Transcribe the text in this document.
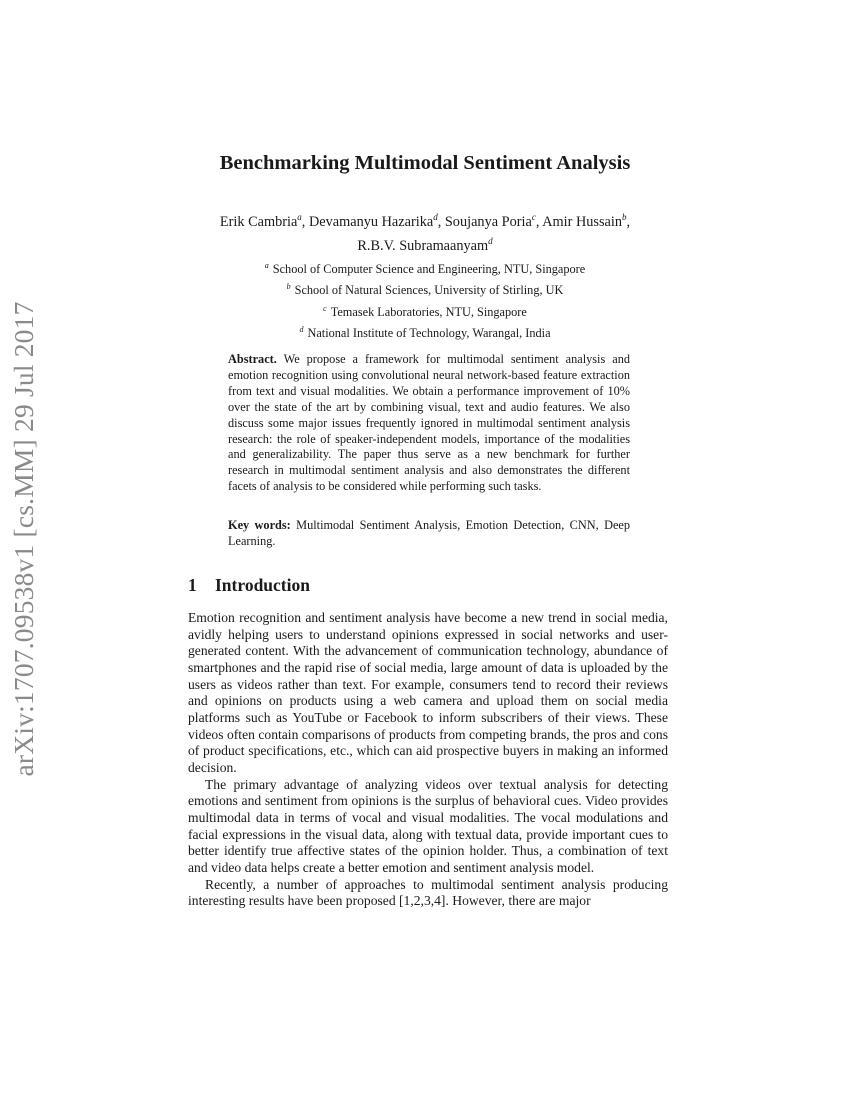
arXiv:1707.09538v1 [cs.MM] 29 Jul 2017
Benchmarking Multimodal Sentiment Analysis
Erik Cambria$^a$, Devamanyu Hazarika$^d$, Soujanya Poria$^c$, Amir Hussain$^b$,
R.B.V. Subramaanyam$^d$
$^a$ School of Computer Science and Engineering, NTU, Singapore
$^b$ School of Natural Sciences, University of Stirling, UK
$^c$ Temasek Laboratories, NTU, Singapore
$^d$ National Institute of Technology, Warangal, India

Abstract. We propose a framework for multimodal sentiment analysis and emotion recognition using convolutional neural network-based feature extraction from text and visual modalities. We obtain a performance improvement of 10% over the state of the art by combining visual, text and audio features. We also discuss some major issues frequently ignored in multimodal sentiment analysis research: the role of speaker-independent models, importance of the modalities and generalizability. The paper thus serve as a new benchmark for further research in multimodal sentiment analysis and also demonstrates the different facets of analysis to be considered while performing such tasks.

Key words: Multimodal Sentiment Analysis, Emotion Detection, CNN, Deep Learning.

1 Introduction

Emotion recognition and sentiment analysis have become a new trend in social media, avidly helping users to understand opinions expressed in social networks and user-generated content. With the advancement of communication technology, abundance of smartphones and the rapid rise of social media, large amount of data is uploaded by the users as videos rather than text. For example, consumers tend to record their reviews and opinions on products using a web camera and upload them on social media platforms such as YouTube or Facebook to inform subscribers of their views. These videos often contain comparisons of products from competing brands, the pros and cons of product specifications, etc., which can aid prospective buyers in making an informed decision.

The primary advantage of analyzing videos over textual analysis for detecting emotions and sentiment from opinions is the surplus of behavioral cues. Video provides multimodal data in terms of vocal and visual modalities. The vocal modulations and facial expressions in the visual data, along with textual data, provide important cues to better identify true affective states of the opinion holder. Thus, a combination of text and video data helps create a better emotion and sentiment analysis model.

Recently, a number of approaches to multimodal sentiment analysis producing interesting results have been proposed [1,2,3,4]. However, there are major
